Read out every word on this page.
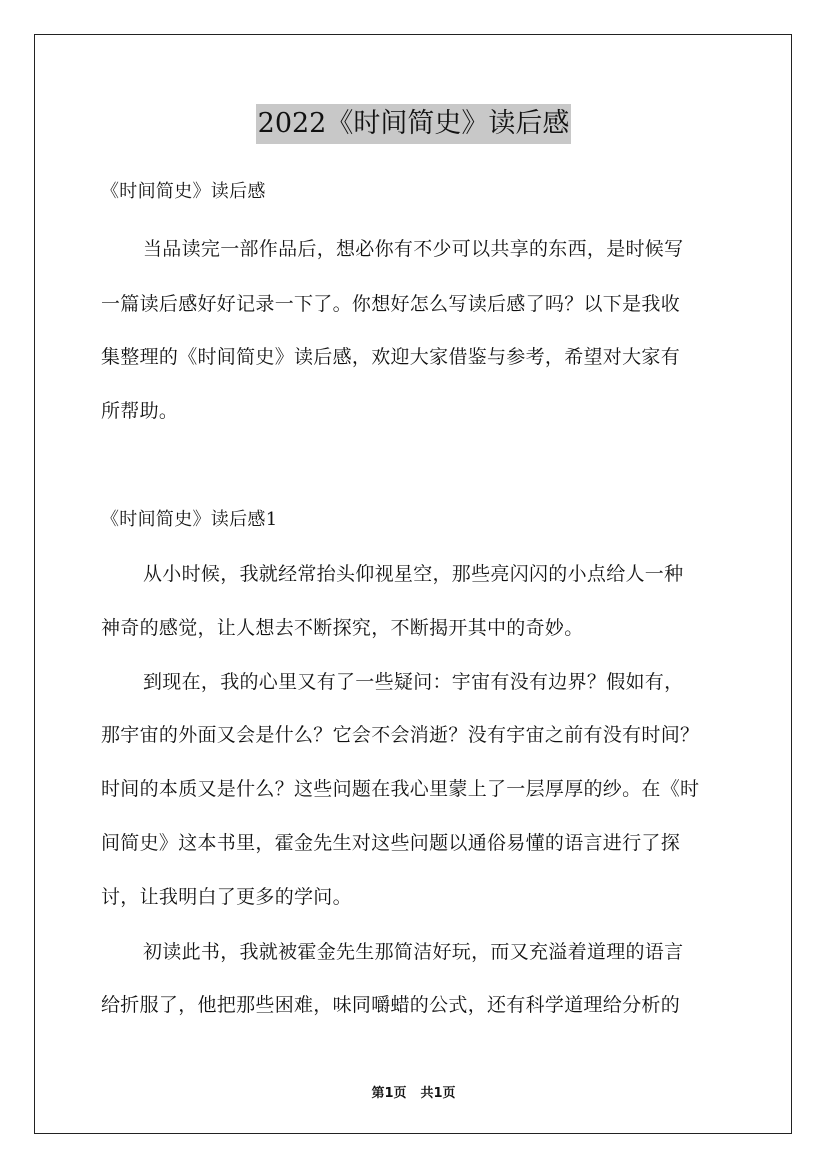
2022《时间简史》读后感

《时间简史》读后感

当品读完一部作品后，想必你有不少可以共享的东西，是时候写

一篇读后感好好记录一下了。你想好怎么写读后感了吗？以下是我收

集整理的《时间简史》读后感，欢迎大家借鉴与参考，希望对大家有

所帮助。

《时间简史》读后感1

从小时候，我就经常抬头仰视星空，那些亮闪闪的小点给人一种

神奇的感觉，让人想去不断探究，不断揭开其中的奇妙。

到现在，我的心里又有了一些疑问：宇宙有没有边界？假如有，

那宇宙的外面又会是什么？它会不会消逝？没有宇宙之前有没有时间？

时间的本质又是什么？这些问题在我心里蒙上了一层厚厚的纱。在《时

间简史》这本书里，霍金先生对这些问题以通俗易懂的语言进行了探

讨，让我明白了更多的学问。

初读此书，我就被霍金先生那简洁好玩，而又充溢着道理的语言

给折服了，他把那些困难，味同嚼蜡的公式，还有科学道理给分析的

第1页 共1页
